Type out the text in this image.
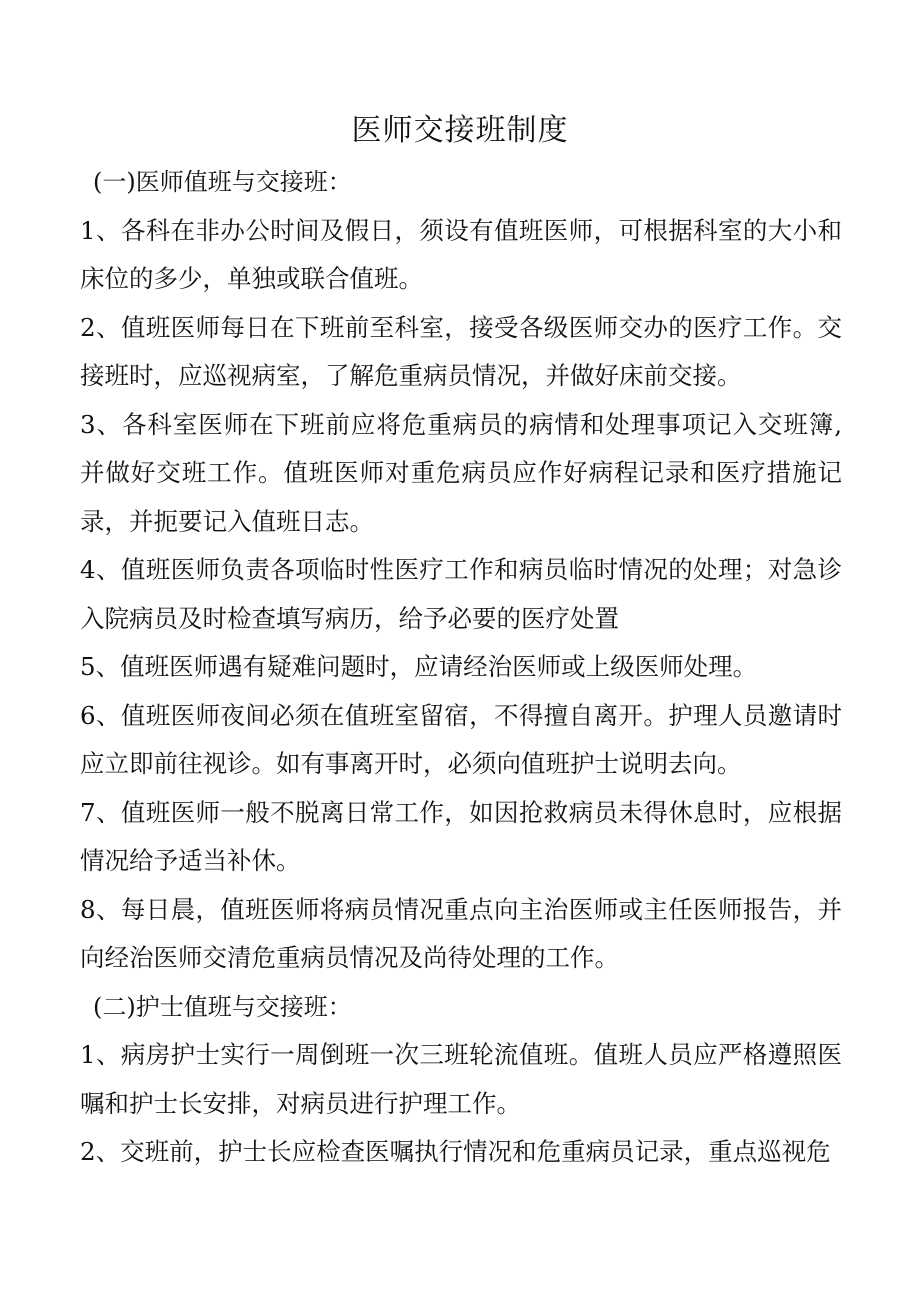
医师交接班制度

(一)医师值班与交接班：

1、各科在非办公时间及假日，须设有值班医师，可根据科室的大小和床位的多少，单独或联合值班。

2、值班医师每日在下班前至科室，接受各级医师交办的医疗工作。交接班时，应巡视病室，了解危重病员情况，并做好床前交接。

3、各科室医师在下班前应将危重病员的病情和处理事项记入交班簿, 并做好交班工作。值班医师对重危病员应作好病程记录和医疗措施记录，并扼要记入值班日志。

4、值班医师负责各项临时性医疗工作和病员临时情况的处理；对急诊入院病员及时检查填写病历，给予必要的医疗处置

5、值班医师遇有疑难问题时，应请经治医师或上级医师处理。

6、值班医师夜间必须在值班室留宿，不得擅自离开。护理人员邀请时应立即前往视诊。如有事离开时，必须向值班护士说明去向。

7、值班医师一般不脱离日常工作，如因抢救病员未得休息时，应根据情况给予适当补休。

8、每日晨，值班医师将病员情况重点向主治医师或主任医师报告，并向经治医师交清危重病员情况及尚待处理的工作。

(二)护士值班与交接班：

1、病房护士实行一周倒班一次三班轮流值班。值班人员应严格遵照医嘱和护士长安排，对病员进行护理工作。

2、交班前，护士长应检查医嘱执行情况和危重病员记录，重点巡视危
